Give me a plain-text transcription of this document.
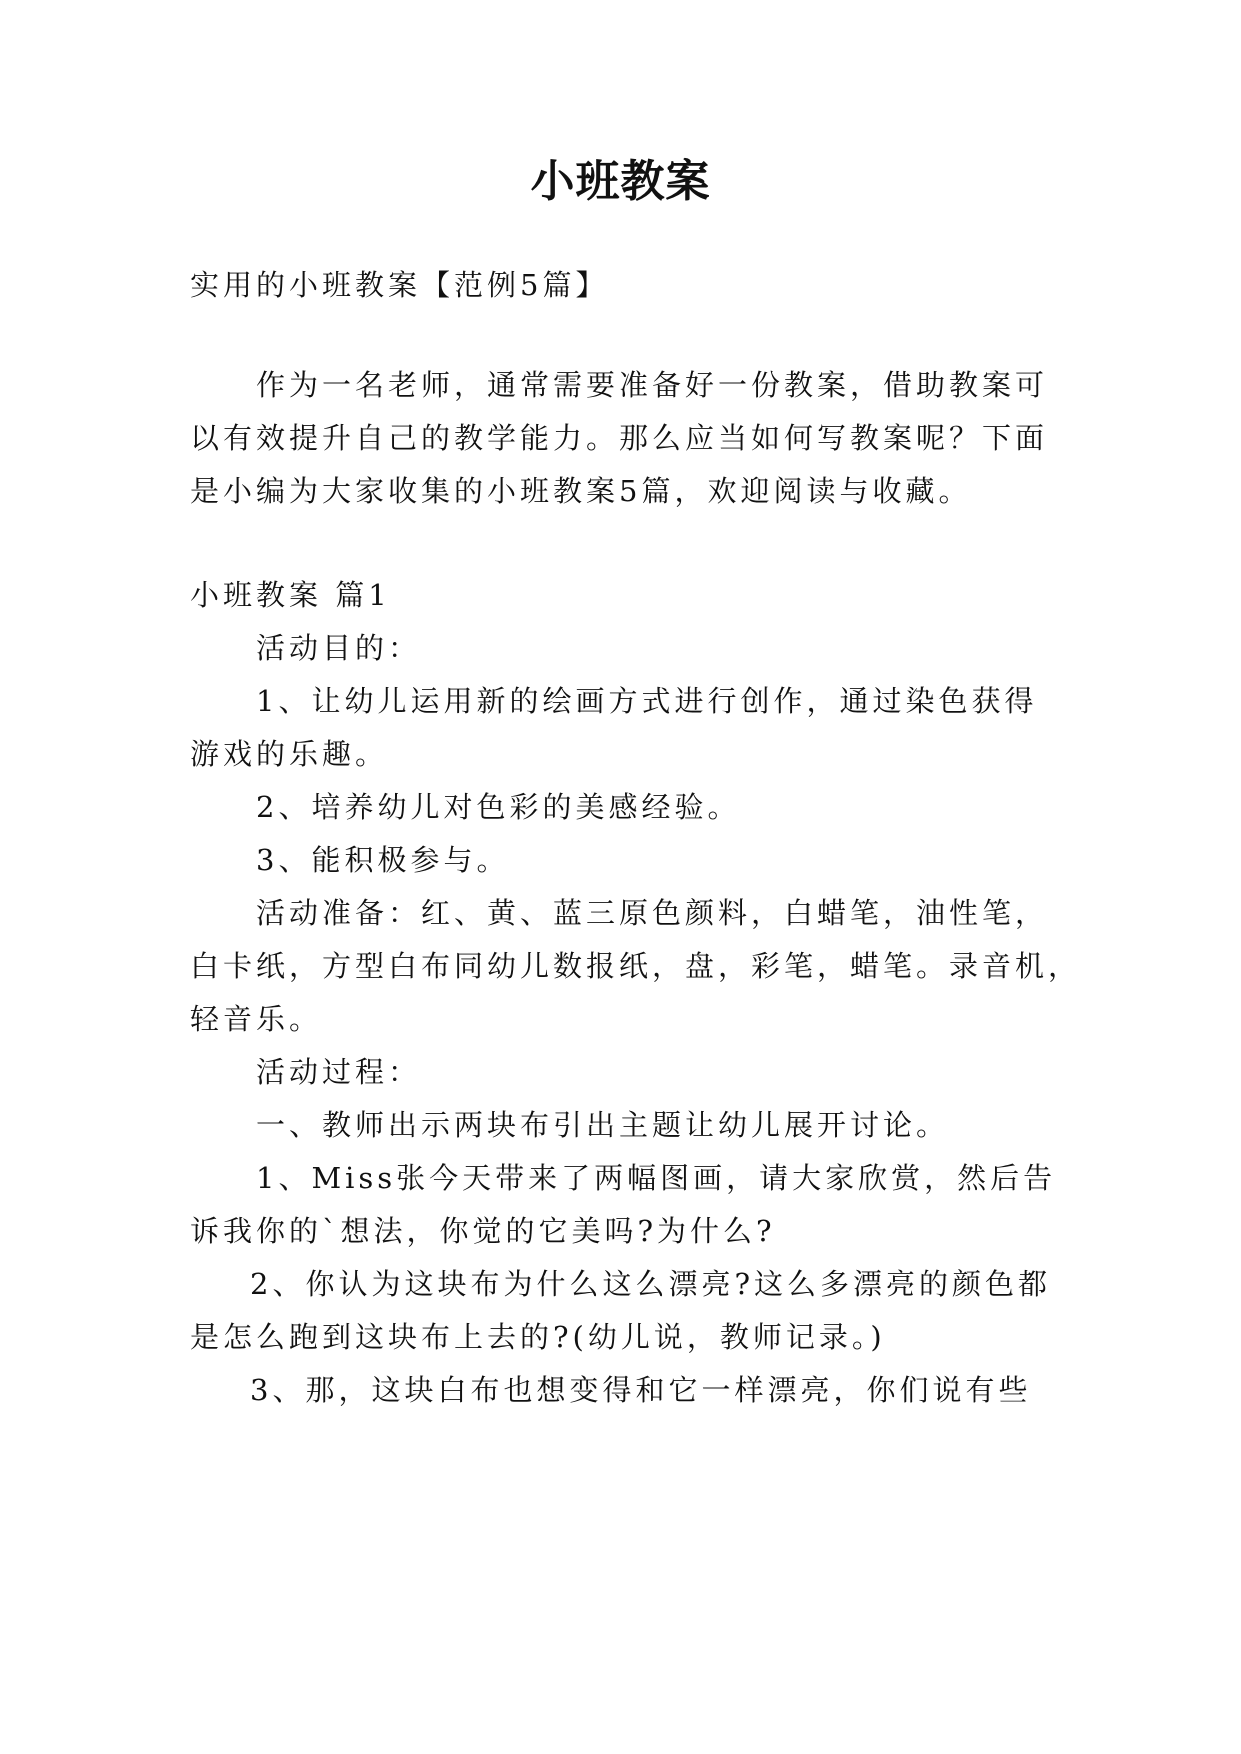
小班教案
实用的小班教案【范例5篇】
作为一名老师，通常需要准备好一份教案，借助教案可
以有效提升自己的教学能力。那么应当如何写教案呢？下面
是小编为大家收集的小班教案5篇，欢迎阅读与收藏。
小班教案 篇1
活动目的：
1、让幼儿运用新的绘画方式进行创作，通过染色获得
游戏的乐趣。
2、培养幼儿对色彩的美感经验。
3、能积极参与。
活动准备：红、黄、蓝三原色颜料，白蜡笔，油性笔，
白卡纸，方型白布同幼儿数报纸，盘，彩笔，蜡笔。录音机，
轻音乐。
活动过程：
一、教师出示两块布引出主题让幼儿展开讨论。
1、Miss张今天带来了两幅图画，请大家欣赏，然后告
诉我你的`想法，你觉的它美吗?为什么?
2、你认为这块布为什么这么漂亮?这么多漂亮的颜色都
是怎么跑到这块布上去的?(幼儿说，教师记录。)
3、那，这块白布也想变得和它一样漂亮，你们说有些
